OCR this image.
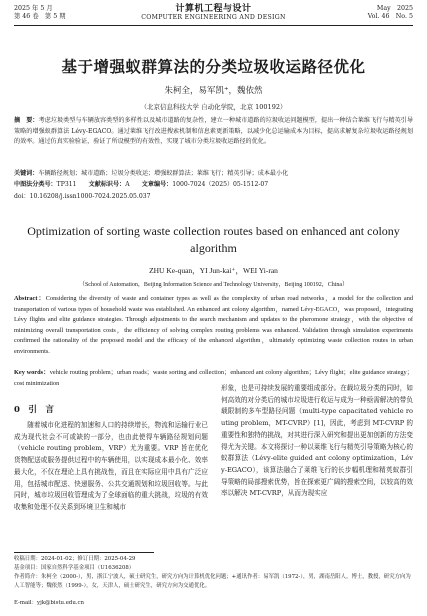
2025 年 5 月
第 46 卷　第 5 期
计算机工程与设计
COMPUTER ENGINEERING AND DESIGN
May　2025
Vol. 46　No. 5
基于增强蚁群算法的分类垃圾收运路径优化
朱柯全，易军凯⁺，魏依然
（北京信息科技大学 自动化学院，北京 100192）
摘　要：考虑垃圾类型与车辆放容类型的多样性以及城市道路的复杂性，建立一种城市道路的垃圾收运问题模型，提出一种结合莱维飞行与精英引导策略的增强蚁群算法 Lévy-EGACO。通过莱维飞行改进搜索机制和信息素更新策略，以减少化总运输成本为目标，提高求解复杂垃圾收运路径规划的效率。通过仿真实验验证，验证了所设模型的有效性，实现了城市分类垃圾收运路径的优化。
关键词：车辆路径规划；城市道路；垃圾分类收运；增强蚁群算法；莱维飞行；精英引导；成本最小化
中图法分类号：TP311   文献标识号：A   文章编号：1000-7024（2025）05-1512-07
doi：10.16208/j.issn1000-7024.2025.05.037
Optimization of sorting waste collection routes based on enhanced ant colony algorithm
ZHU Ke-quan，YI Jun-kai⁺，WEI Yi-ran
（School of Automation，Beijing Information Science and Technology University，Beijing 100192，China）
Abstract：Considering the diversity of waste and container types as well as the complexity of urban road networks，a model for the collection and transportation of various types of household waste was established. An enhanced ant colony algorithm，named Lévy-EGACO，was proposed，integrating Lévy flights and elite guidance strategies. Through adjustments to the search mechanism and updates to the pheromone strategy，with the objective of minimizing overall transportation costs，the efficiency of solving complex routing problems was enhanced. Validation through simulation experiments confirmed the rationality of the proposed model and the efficacy of the enhanced algorithm，ultimately optimizing waste collection routes in urban environments.
Key words：vehicle routing problem；urban roads；waste sorting and collection；enhanced ant colony algorithm；Lévy flight；elite guidance strategy；cost minimization
0　引　言
随着城市化进程的加速和人口的持续增长，物流和运输行业已成为现代社会不可或缺的一部分，也由此使得车辆路径规划问题（vehicle routing problem，VRP）尤为重要。VRP 旨在优化货物配送或服务提供过程中的车辆使用，以实现成本最小化、效率最大化，不仅在理论上具有挑战性，而且在实际应用中具有广泛应用，包括城市配送、快递服务、公共交通规划和垃圾回收等。与此同时，城市垃圾回收管理成为了全球面临的重大挑战，垃圾的有效收集和处理不仅关系到环境卫生和城市
形象，也是可持续发展的重要组成部分。在载垃圾分类的同时，如何高效的对分类后的城市垃圾进行收运与成为一种亟需解决的带负载限制的多车型路径问题（multi-type capacitated vehicle routing problem，MT-CVRP）[1]，因此，考虑到 MT-CVRP 的重要性和独特的挑战，对其进行深入研究和提出更加创新的方法变得尤为关键。本文将探讨一种以莱维飞行与精英引导策略为核心的蚁群算法（Lévy-elite guided ant colony optimization，Lévy-EGACO），该算法融合了莱维飞行的长步幅机理和精英蚁群引导策略的局部搜索优势，旨在探索更广阔的搜索空间，以较高的效率以解决 MT-CVRP，从而为现实应
收稿日期：2024-01-02；修订日期：2025-04-29
基金项目：国家自然科学基金项目（U1636208）
作者简介：朱柯全（2000-），男，浙江宁波人，硕士研究生，研究方向为计算机优化问题；+通讯作者：易军凯（1972-），男，湖南岳阳人，博士，教授，研究方向为人工智能等；魏依然（1999-），女，天津人，硕士研究生，研究方向为交通优化。
E-mail：yjk@bistu.edu.cn
